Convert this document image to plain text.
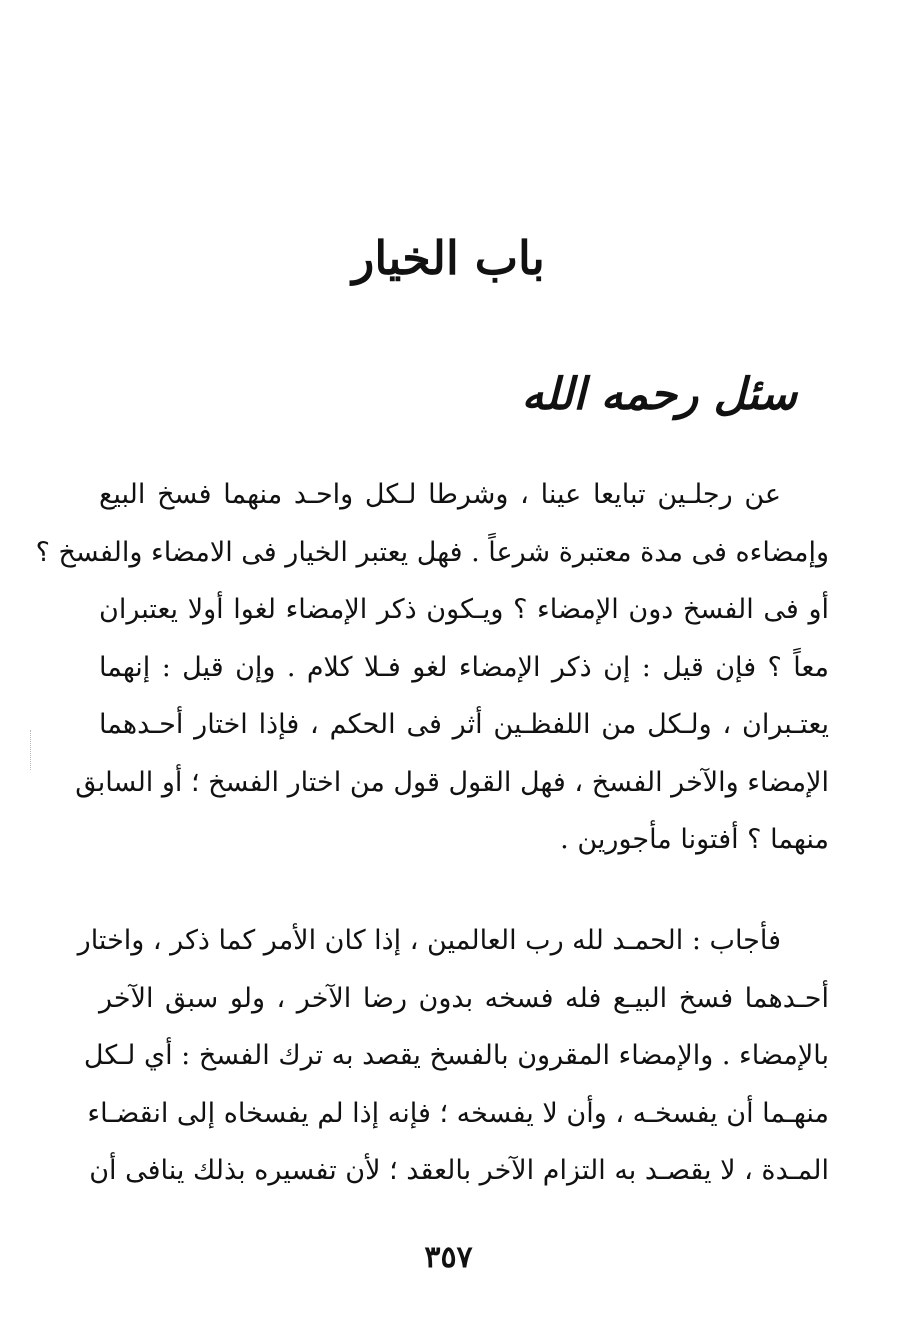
باب الخيار
سئل رحمه الله
عن رجلـين تبايعا عينا ، وشرطا لـكل واحـد منهما فسخ البيع
وإمضاءه فى مدة معتبرة شرعاً . فهل يعتبر الخيار فى الامضاء والفسخ ؟
أو فى الفسخ دون الإمضاء ؟ ويـكون ذكر الإمضاء لغوا أولا يعتبران
معاً ؟ فإن قيل : إن ذكر الإمضاء لغو فـلا كلام . وإن قيل : إنهما
يعتـبران ، ولـكل من اللفظـين أثر فى الحكم ، فإذا اختار أحـدهما
الإمضاء والآخر الفسخ ، فهل القول قول من اختار الفسخ ؛ أو السابق
منهما ؟ أفتونا مأجورين .
فأجاب : الحمـد لله رب العالمين ، إذا كان الأمر كما ذكر ، واختار
أحـدهما فسخ البيـع فله فسخه بدون رضا الآخر ، ولو سبق الآخر
بالإمضاء . والإمضاء المقرون بالفسخ يقصد به ترك الفسخ : أي لـكل
منهـما أن يفسخـه ، وأن لا يفسخه ؛ فإنه إذا لم يفسخاه إلى انقضـاء
المـدة ، لا يقصـد به التزام الآخر بالعقد ؛ لأن تفسيره بذلك ينافى أن
٣٥٧
